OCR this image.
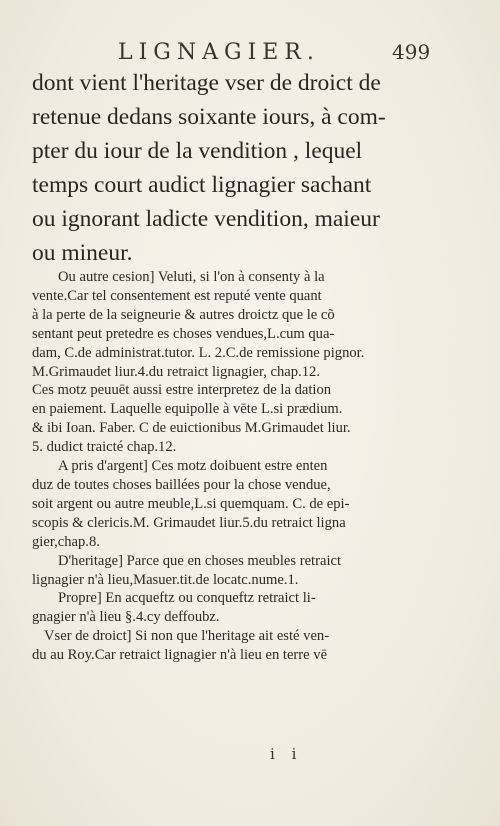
LIGNAGIER.	499
dont vient l'heritage vser de droict de
retenue dedans soixante iours, à com-
pter du iour de la vendition , lequel
temps court audict lignagier sachant
ou ignorant ladicte vendition, maieur
ou mineur.
Ou autre cesion] Veluti, si l'on à consenty à la
vente.Car tel consentement est reputé vente quant
à la perte de la seigneurie & autres droictz que le cõ
sentant peut pretedre es choses vendues,L.cum qua-
dam, C.de administrat.tutor. L. 2.C.de remissione pignor.
M.Grimaudet liur.4.du retraict lignagier, chap.12.
Ces motz peuuēt aussi estre interpretez de la dation
en paiement. Laquelle equipolle à vēte L.si prædium.
& ibi Ioan. Faber. C de euictionibus M.Grimaudet liur.
5. dudict traicté chap.12.
A pris d'argent] Ces motz doibuent estre enten
duz de toutes choses baillées pour la chose vendue,
soit argent ou autre meuble,L.si quemquam. C. de epi-
scopis & clericis.M. Grimaudet liur.5.du retraict ligna
gier,chap.8.
D'heritage] Parce que en choses meubles retraict
lignagier n'à lieu,Masuer.tit.de locatc.nume.1.
Propre] En acqueftz ou conqueftz retraict li-
gnagier n'à lieu §.4.cy deffoubz.
Vser de droict] Si non que l'heritage ait esté ven-
du au Roy.Car retraict lignagier n'à lieu en terre vē
i i
